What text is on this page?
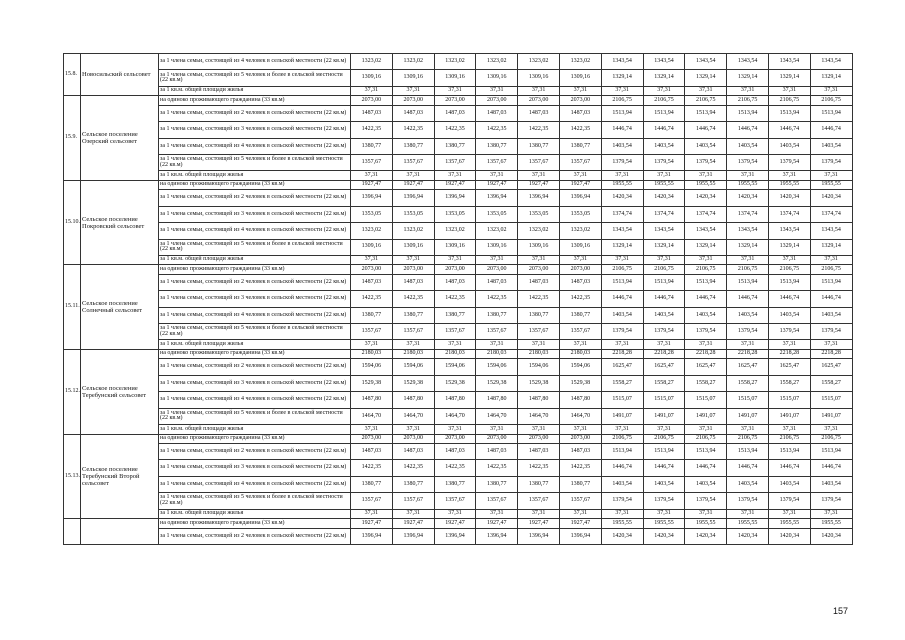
15.8.	Новосильский сельсовет	за 1 члена семьи, состоящей из 4 человек в сельской местности (22 кв.м)	1323,02	1323,02	1323,02	1323,02	1323,02	1323,02	1343,54	1343,54	1343,54	1343,54	1343,54	1343,54
		за 1 члена семьи, состоящей из 5 человек и более в сельской местности (22 кв.м)	1309,16	1309,16	1309,16	1309,16	1309,16	1309,16	1329,14	1329,14	1329,14	1329,14	1329,14	1329,14
		за 1 кв.м. общей площади жилья	37,31	37,31	37,31	37,31	37,31	37,31	37,31	37,31	37,31	37,31	37,31	37,31
15.9.	Сельское поселение Озерский сельсовет	на одиноко проживающего гражданина (33 кв.м)	2073,00	2073,00	2073,00	2073,00	2073,00	2073,00	2106,75	2106,75	2106,75	2106,75	2106,75	2106,75
		за 1 члена семьи, состоящей из 2 человек в сельской местности (22 кв.м)	1487,03	1487,03	1487,03	1487,03	1487,03	1487,03	1513,94	1513,94	1513,94	1513,94	1513,94	1513,94
		за 1 члена семьи, состоящей из 3 человек в сельской местности (22 кв.м)	1422,35	1422,35	1422,35	1422,35	1422,35	1422,35	1446,74	1446,74	1446,74	1446,74	1446,74	1446,74
		за 1 члена семьи, состоящей из 4 человек в сельской местности (22 кв.м)	1380,77	1380,77	1380,77	1380,77	1380,77	1380,77	1403,54	1403,54	1403,54	1403,54	1403,54	1403,54
		за 1 члена семьи, состоящей из 5 человек и более в сельской местности (22 кв.м)	1357,67	1357,67	1357,67	1357,67	1357,67	1357,67	1379,54	1379,54	1379,54	1379,54	1379,54	1379,54
		за 1 кв.м. общей площади жилья	37,31	37,31	37,31	37,31	37,31	37,31	37,31	37,31	37,31	37,31	37,31	37,31
15.10.	Сельское поселение Покровский сельсовет	на одиноко проживающего гражданина (33 кв.м)	1927,47	1927,47	1927,47	1927,47	1927,47	1927,47	1955,55	1955,55	1955,55	1955,55	1955,55	1955,55
		за 1 члена семьи, состоящей из 2 человек в сельской местности (22 кв.м)	1396,94	1396,94	1396,94	1396,94	1396,94	1396,94	1420,34	1420,34	1420,34	1420,34	1420,34	1420,34
		за 1 члена семьи, состоящей из 3 человек в сельской местности (22 кв.м)	1353,05	1353,05	1353,05	1353,05	1353,05	1353,05	1374,74	1374,74	1374,74	1374,74	1374,74	1374,74
		за 1 члена семьи, состоящей из 4 человек в сельской местности (22 кв.м)	1323,02	1323,02	1323,02	1323,02	1323,02	1323,02	1343,54	1343,54	1343,54	1343,54	1343,54	1343,54
		за 1 члена семьи, состоящей из 5 человек и более в сельской местности (22 кв.м)	1309,16	1309,16	1309,16	1309,16	1309,16	1309,16	1329,14	1329,14	1329,14	1329,14	1329,14	1329,14
		за 1 кв.м. общей площади жилья	37,31	37,31	37,31	37,31	37,31	37,31	37,31	37,31	37,31	37,31	37,31	37,31
15.11.	Сельское поселение Солнечный сельсовет	на одиноко проживающего гражданина (33 кв.м)	2073,00	2073,00	2073,00	2073,00	2073,00	2073,00	2106,75	2106,75	2106,75	2106,75	2106,75	2106,75
		за 1 члена семьи, состоящей из 2 человек в сельской местности (22 кв.м)	1487,03	1487,03	1487,03	1487,03	1487,03	1487,03	1513,94	1513,94	1513,94	1513,94	1513,94	1513,94
		за 1 члена семьи, состоящей из 3 человек в сельской местности (22 кв.м)	1422,35	1422,35	1422,35	1422,35	1422,35	1422,35	1446,74	1446,74	1446,74	1446,74	1446,74	1446,74
		за 1 члена семьи, состоящей из 4 человек в сельской местности (22 кв.м)	1380,77	1380,77	1380,77	1380,77	1380,77	1380,77	1403,54	1403,54	1403,54	1403,54	1403,54	1403,54
		за 1 члена семьи, состоящей из 5 человек и более в сельской местности (22 кв.м)	1357,67	1357,67	1357,67	1357,67	1357,67	1357,67	1379,54	1379,54	1379,54	1379,54	1379,54	1379,54
		за 1 кв.м. общей площади жилья	37,31	37,31	37,31	37,31	37,31	37,31	37,31	37,31	37,31	37,31	37,31	37,31
15.12.	Сельское поселение Теребунский сельсовет	на одиноко проживающего гражданина (33 кв.м)	2180,03	2180,03	2180,03	2180,03	2180,03	2180,03	2218,28	2218,28	2218,28	2218,28	2218,28	2218,28
		за 1 члена семьи, состоящей из 2 человек в сельской местности (22 кв.м)	1594,06	1594,06	1594,06	1594,06	1594,06	1594,06	1625,47	1625,47	1625,47	1625,47	1625,47	1625,47
		за 1 члена семьи, состоящей из 3 человек в сельской местности (22 кв.м)	1529,38	1529,38	1529,38	1529,38	1529,38	1529,38	1558,27	1558,27	1558,27	1558,27	1558,27	1558,27
		за 1 члена семьи, состоящей из 4 человек в сельской местности (22 кв.м)	1487,80	1487,80	1487,80	1487,80	1487,80	1487,80	1515,07	1515,07	1515,07	1515,07	1515,07	1515,07
		за 1 члена семьи, состоящей из 5 человек и более в сельской местности (22 кв.м)	1464,70	1464,70	1464,70	1464,70	1464,70	1464,70	1491,07	1491,07	1491,07	1491,07	1491,07	1491,07
		за 1 кв.м. общей площади жилья	37,31	37,31	37,31	37,31	37,31	37,31	37,31	37,31	37,31	37,31	37,31	37,31
15.13.	Сельское поселение Теребунский Второй сельсовет	на одиноко проживающего гражданина (33 кв.м)	2073,00	2073,00	2073,00	2073,00	2073,00	2073,00	2106,75	2106,75	2106,75	2106,75	2106,75	2106,75
		за 1 члена семьи, состоящей из 2 человек в сельской местности (22 кв.м)	1487,03	1487,03	1487,03	1487,03	1487,03	1487,03	1513,94	1513,94	1513,94	1513,94	1513,94	1513,94
		за 1 члена семьи, состоящей из 3 человек в сельской местности (22 кв.м)	1422,35	1422,35	1422,35	1422,35	1422,35	1422,35	1446,74	1446,74	1446,74	1446,74	1446,74	1446,74
		за 1 члена семьи, состоящей из 4 человек в сельской местности (22 кв.м)	1380,77	1380,77	1380,77	1380,77	1380,77	1380,77	1403,54	1403,54	1403,54	1403,54	1403,54	1403,54
		за 1 члена семьи, состоящей из 5 человек и более в сельской местности (22 кв.м)	1357,67	1357,67	1357,67	1357,67	1357,67	1357,67	1379,54	1379,54	1379,54	1379,54	1379,54	1379,54
		за 1 кв.м. общей площади жилья	37,31	37,31	37,31	37,31	37,31	37,31	37,31	37,31	37,31	37,31	37,31	37,31
		на одиноко проживающего гражданина (33 кв.м)	1927,47	1927,47	1927,47	1927,47	1927,47	1927,47	1955,55	1955,55	1955,55	1955,55	1955,55	1955,55
		за 1 члена семьи, состоящей из 2 человек в сельской местности (22 кв.м)	1396,94	1396,94	1396,94	1396,94	1396,94	1396,94	1420,34	1420,34	1420,34	1420,34	1420,34	1420,34
157
